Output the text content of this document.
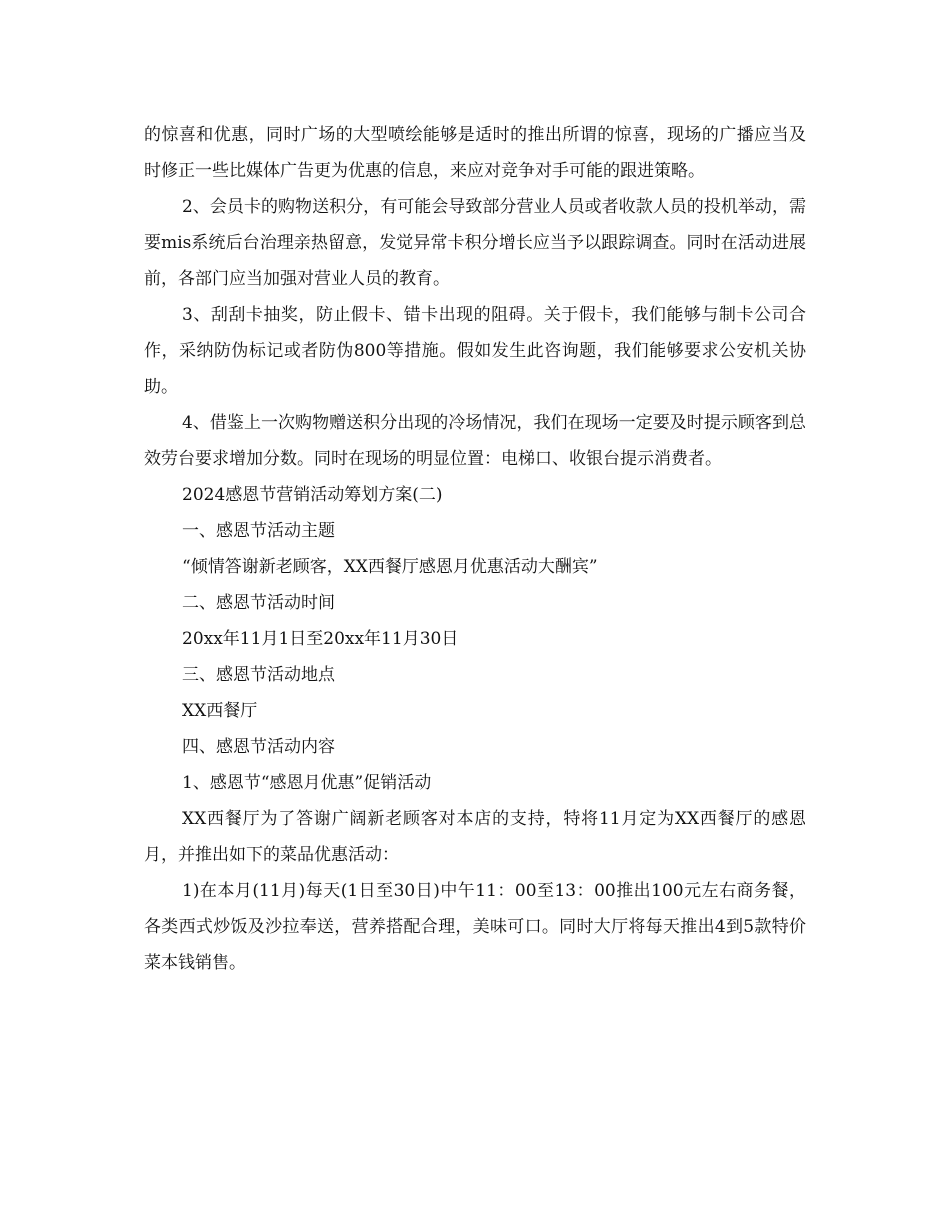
的惊喜和优惠，同时广场的大型喷绘能够是适时的推出所谓的惊喜，现场的广播应当及时修正一些比媒体广告更为优惠的信息，来应对竞争对手可能的跟进策略。

2、会员卡的购物送积分，有可能会导致部分营业人员或者收款人员的投机举动，需要mis系统后台治理亲热留意，发觉异常卡积分增长应当予以跟踪调查。同时在活动进展前，各部门应当加强对营业人员的教育。

3、刮刮卡抽奖，防止假卡、错卡出现的阻碍。关于假卡，我们能够与制卡公司合作，采纳防伪标记或者防伪800等措施。假如发生此咨询题，我们能够要求公安机关协助。

4、借鉴上一次购物赠送积分出现的冷场情况，我们在现场一定要及时提示顾客到总效劳台要求增加分数。同时在现场的明显位置：电梯口、收银台提示消费者。

2024感恩节营销活动筹划方案(二)

一、感恩节活动主题

“倾情答谢新老顾客，XX西餐厅感恩月优惠活动大酬宾”

二、感恩节活动时间

20xx年11月1日至20xx年11月30日

三、感恩节活动地点

XX西餐厅

四、感恩节活动内容

1、感恩节“感恩月优惠”促销活动

XX西餐厅为了答谢广阔新老顾客对本店的支持，特将11月定为XX西餐厅的感恩月，并推出如下的菜品优惠活动：

1)在本月(11月)每天(1日至30日)中午11：00至13：00推出100元左右商务餐，各类西式炒饭及沙拉奉送，营养搭配合理，美味可口。同时大厅将每天推出4到5款特价菜本钱销售。
